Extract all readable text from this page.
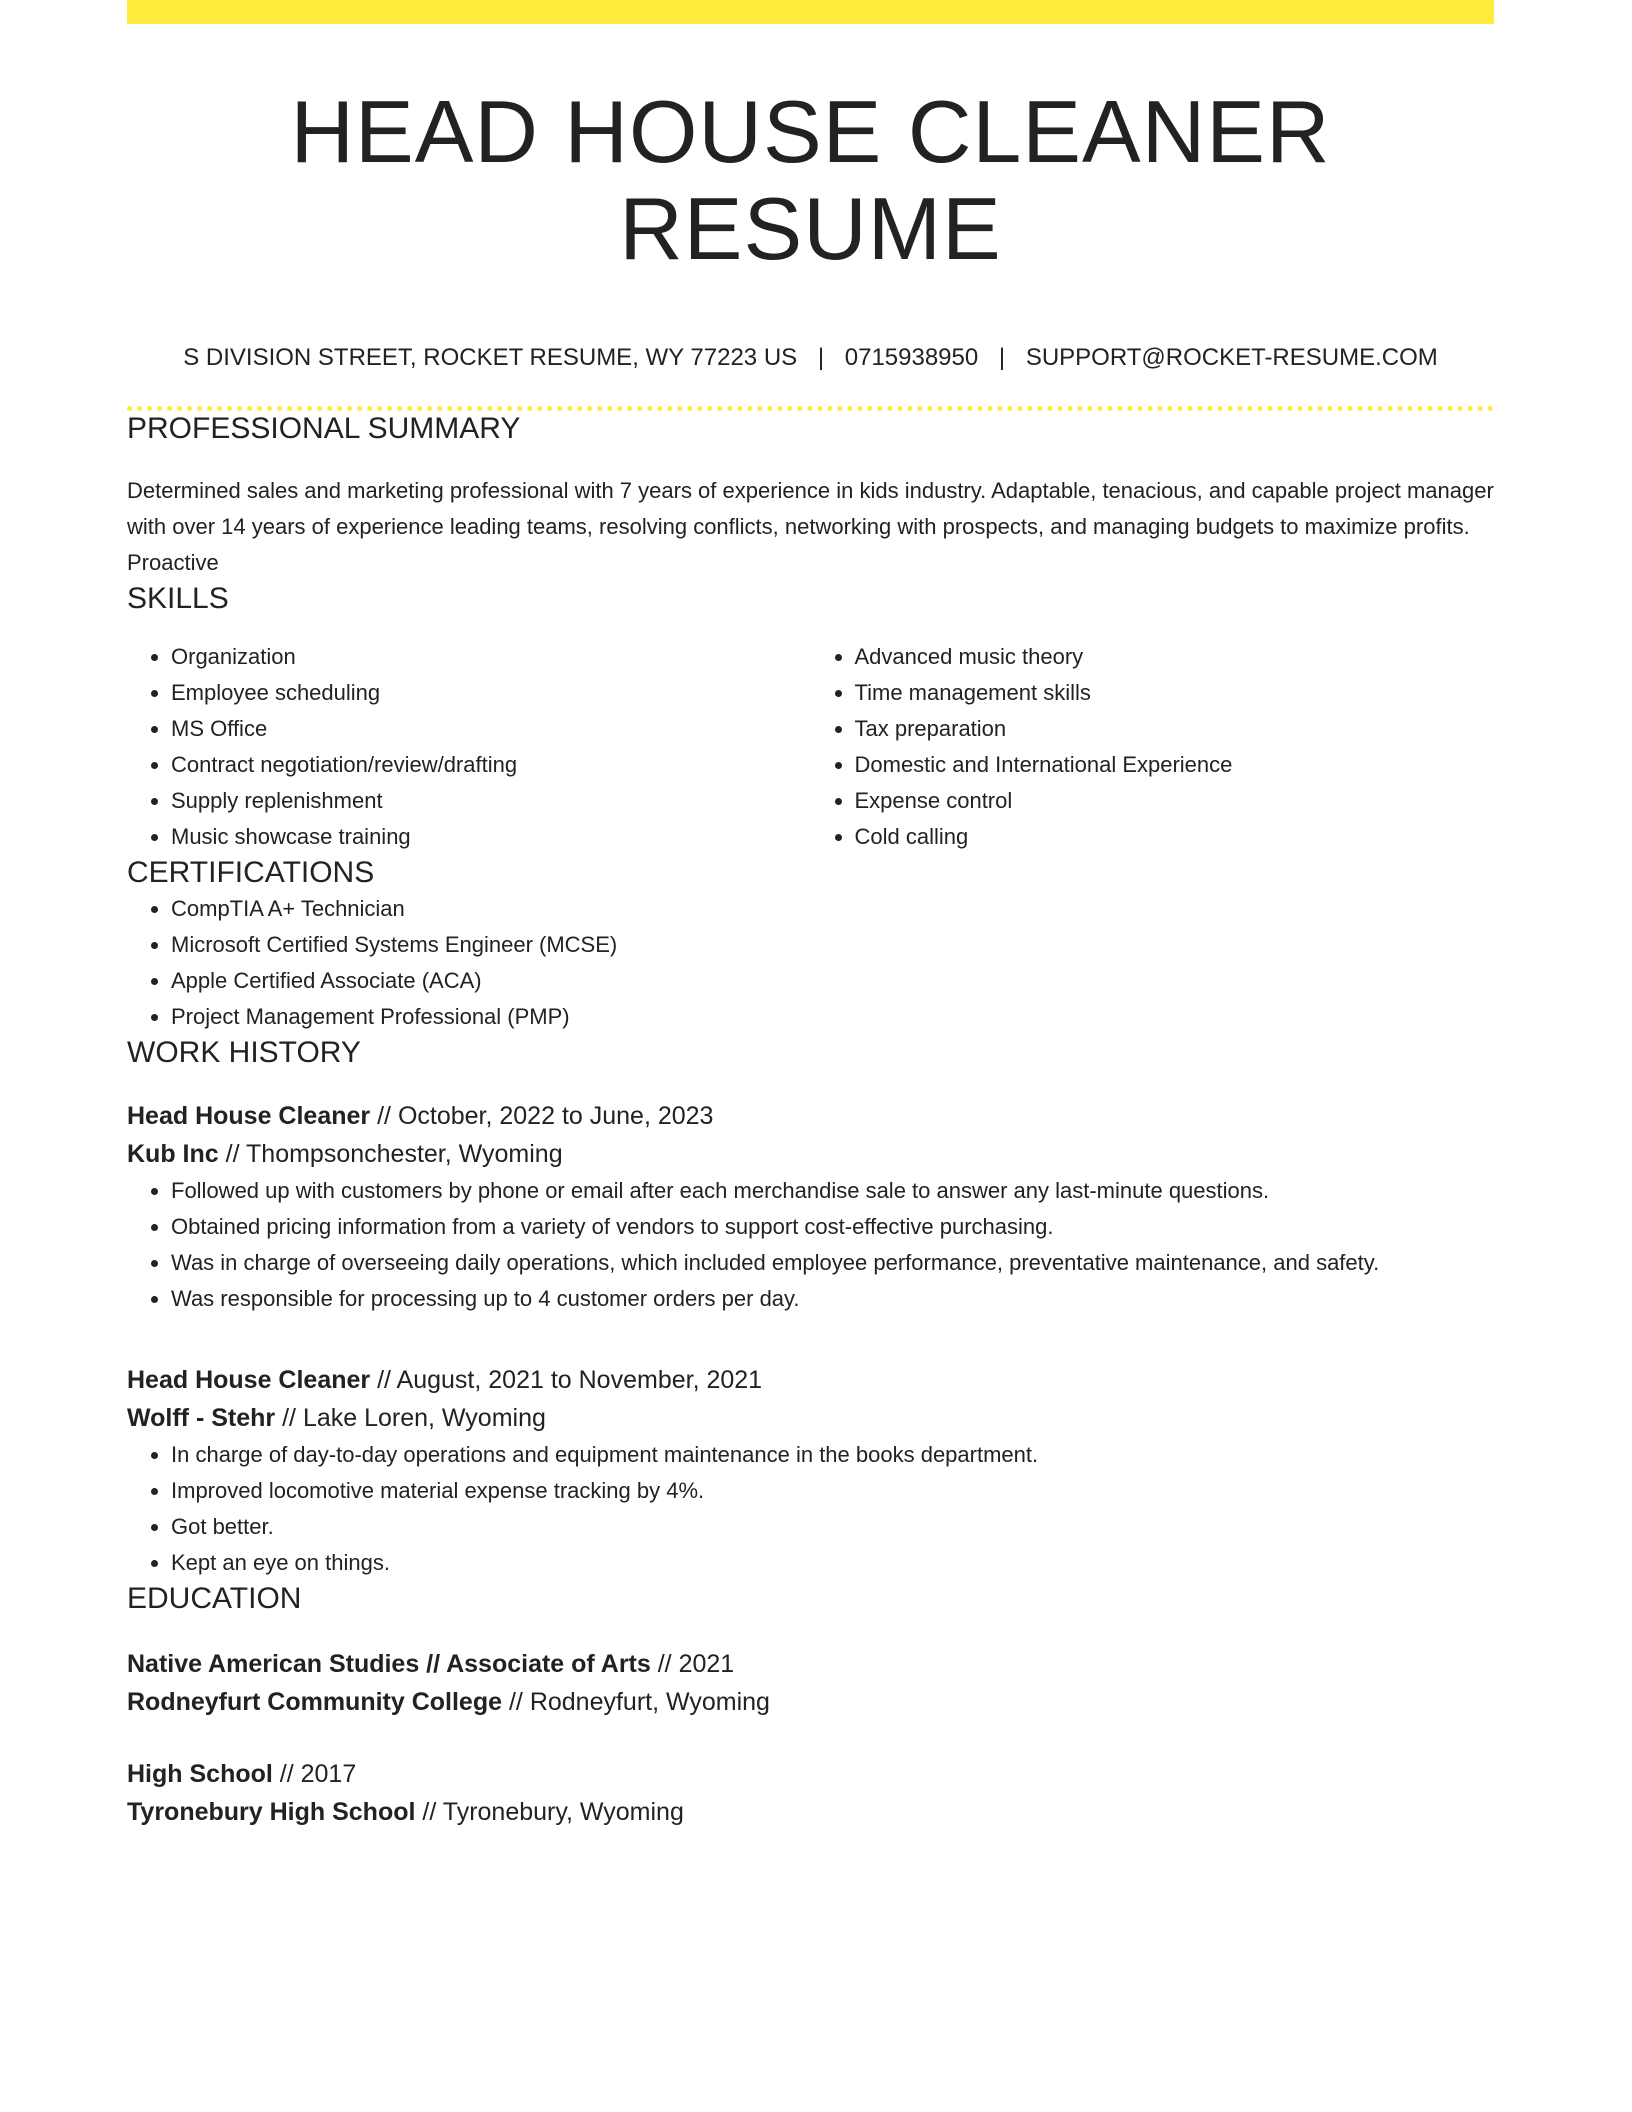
HEAD HOUSE CLEANER RESUME
S DIVISION STREET, ROCKET RESUME, WY 77223 US | 0715938950 | SUPPORT@ROCKET-RESUME.COM
PROFESSIONAL SUMMARY
Determined sales and marketing professional with 7 years of experience in kids industry. Adaptable, tenacious, and capable project manager with over 14 years of experience leading teams, resolving conflicts, networking with prospects, and managing budgets to maximize profits. Proactive
SKILLS
• Organization
• Employee scheduling
• MS Office
• Contract negotiation/review/drafting
• Supply replenishment
• Music showcase training
• Advanced music theory
• Time management skills
• Tax preparation
• Domestic and International Experience
• Expense control
• Cold calling
CERTIFICATIONS
• CompTIA A+ Technician
• Microsoft Certified Systems Engineer (MCSE)
• Apple Certified Associate (ACA)
• Project Management Professional (PMP)
WORK HISTORY
Head House Cleaner // October, 2022 to June, 2023
Kub Inc // Thompsonchester, Wyoming
• Followed up with customers by phone or email after each merchandise sale to answer any last-minute questions.
• Obtained pricing information from a variety of vendors to support cost-effective purchasing.
• Was in charge of overseeing daily operations, which included employee performance, preventative maintenance, and safety.
• Was responsible for processing up to 4 customer orders per day.
Head House Cleaner // August, 2021 to November, 2021
Wolff - Stehr // Lake Loren, Wyoming
• In charge of day-to-day operations and equipment maintenance in the books department.
• Improved locomotive material expense tracking by 4%.
• Got better.
• Kept an eye on things.
EDUCATION
Native American Studies // Associate of Arts // 2021
Rodneyfurt Community College // Rodneyfurt, Wyoming
High School // 2017
Tyronebury High School // Tyronebury, Wyoming
